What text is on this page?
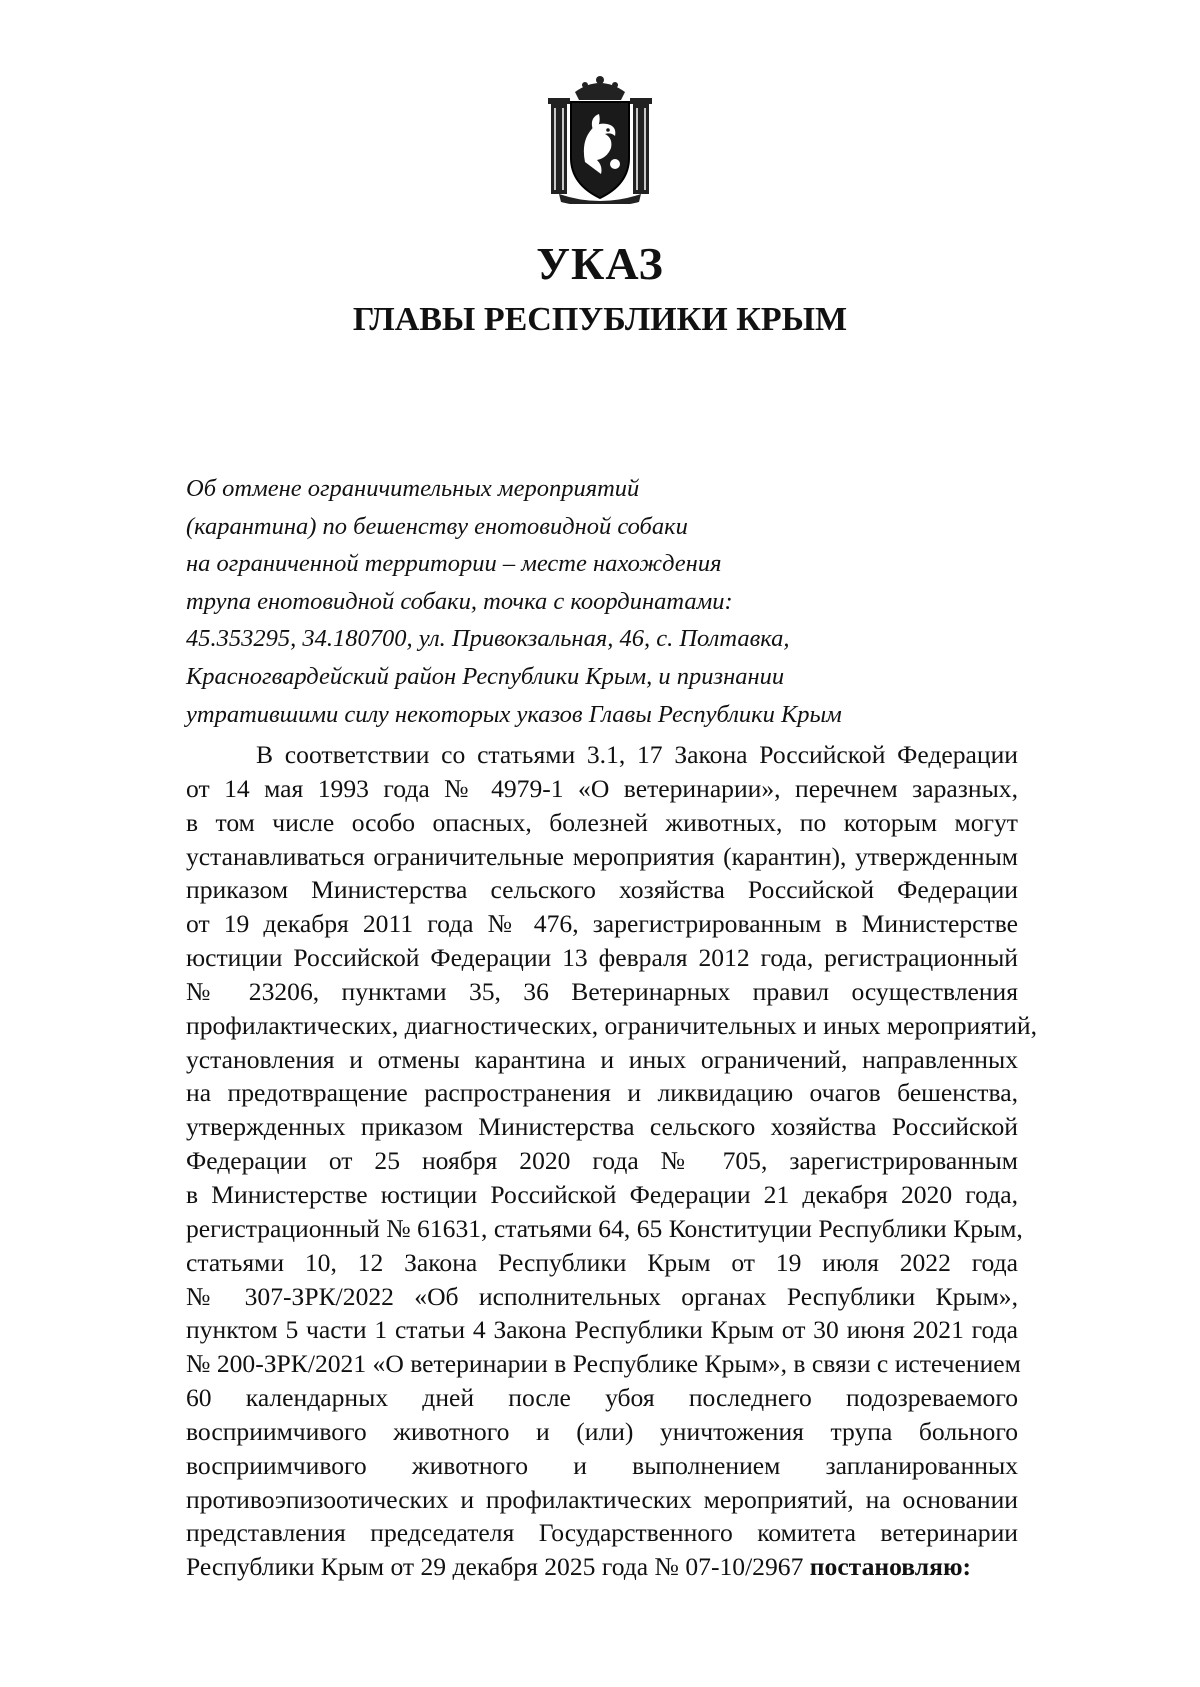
УКАЗ
ГЛАВЫ РЕСПУБЛИКИ КРЫМ
Об отмене ограничительных мероприятий
(карантина) по бешенству енотовидной собаки
на ограниченной территории – месте нахождения
трупа енотовидной собаки, точка с координатами:
45.353295, 34.180700, ул. Привокзальная, 46, с. Полтавка,
Красногвардейский район Республики Крым, и признании
утратившими силу некоторых указов Главы Республики Крым
В соответствии со статьями 3.1, 17 Закона Российской Федерации
от 14 мая 1993 года № 4979-1 «О ветеринарии», перечнем заразных,
в том числе особо опасных, болезней животных, по которым могут
устанавливаться ограничительные мероприятия (карантин), утвержденным
приказом Министерства сельского хозяйства Российской Федерации
от 19 декабря 2011 года № 476, зарегистрированным в Министерстве
юстиции Российской Федерации 13 февраля 2012 года, регистрационный
№ 23206, пунктами 35, 36 Ветеринарных правил осуществления
профилактических, диагностических, ограничительных и иных мероприятий,
установления и отмены карантина и иных ограничений, направленных
на предотвращение распространения и ликвидацию очагов бешенства,
утвержденных приказом Министерства сельского хозяйства Российской
Федерации от 25 ноября 2020 года № 705, зарегистрированным
в Министерстве юстиции Российской Федерации 21 декабря 2020 года,
регистрационный № 61631, статьями 64, 65 Конституции Республики Крым,
статьями 10, 12 Закона Республики Крым от 19 июля 2022 года
№ 307-ЗРК/2022 «Об исполнительных органах Республики Крым»,
пунктом 5 части 1 статьи 4 Закона Республики Крым от 30 июня 2021 года
№ 200-ЗРК/2021 «О ветеринарии в Республике Крым», в связи с истечением
60 календарных дней после убоя последнего подозреваемого
восприимчивого животного и (или) уничтожения трупа больного
восприимчивого животного и выполнением запланированных
противоэпизоотических и профилактических мероприятий, на основании
представления председателя Государственного комитета ветеринарии
Республики Крым от 29 декабря 2025 года № 07-10/2967 постановляю:
